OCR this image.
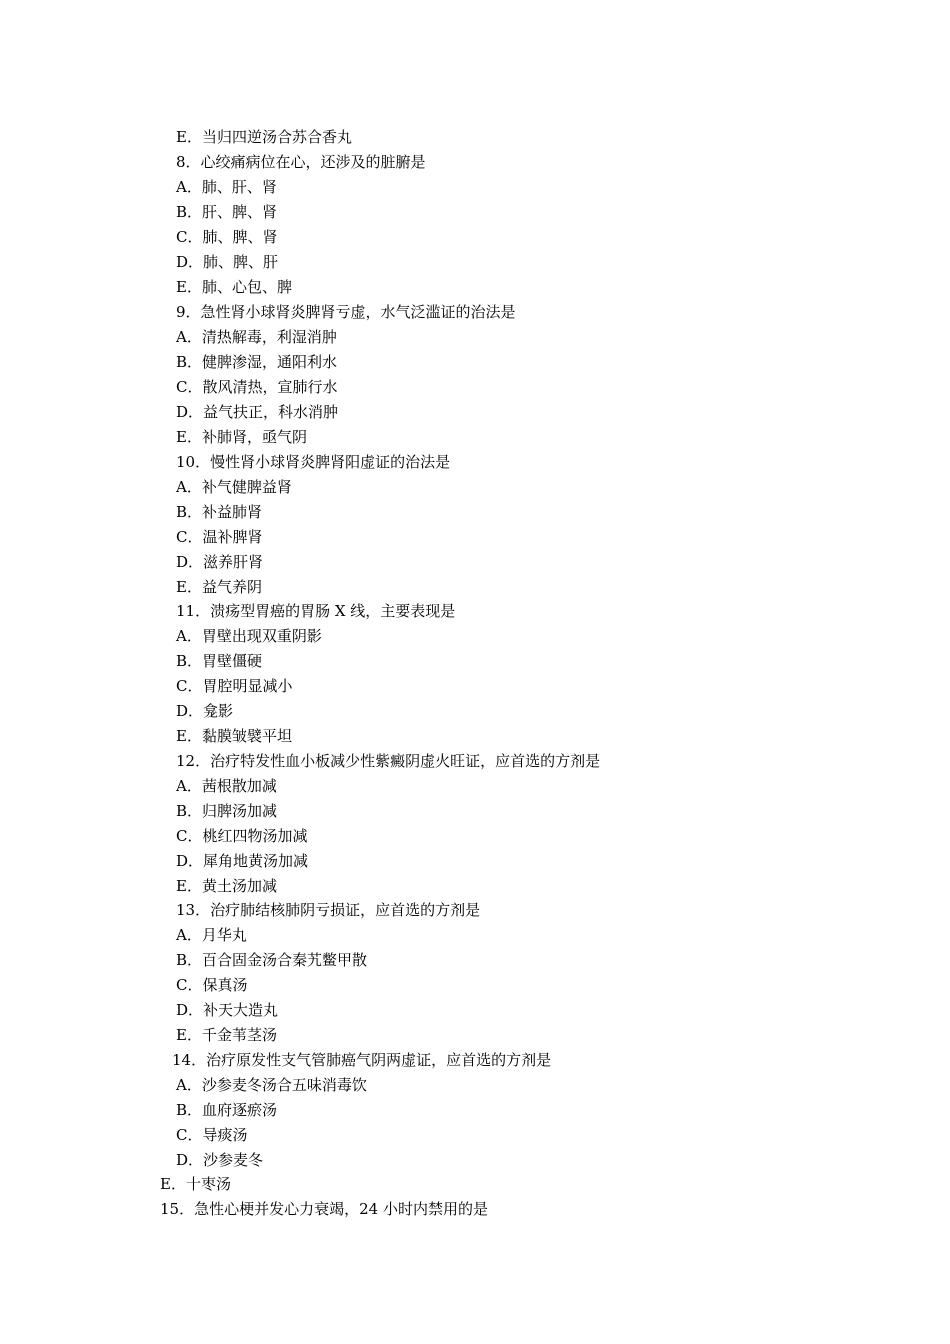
E．当归四逆汤合苏合香丸
8．心绞痛病位在心，还涉及的脏腑是
A．肺、肝、肾
B．肝、脾、肾
C．肺、脾、肾
D．肺、脾、肝
E．肺、心包、脾
9．急性肾小球肾炎脾肾亏虚，水气泛滥证的治法是
A．清热解毒，利湿消肿
B．健脾渗湿，通阳利水
C．散风清热，宣肺行水
D．益气扶正，科水消肿
E．补肺肾，亟气阴
10．慢性肾小球肾炎脾肾阳虚证的治法是
A．补气健脾益肾
B．补益肺肾
C．温补脾肾
D．滋养肝肾
E．益气养阴
11．溃疡型胃癌的胃肠 X 线，主要表现是
A．胃壁出现双重阴影
B．胃壁僵硬
C．胃腔明显减小
D．龛影
E．黏膜皱襞平坦
12．治疗特发性血小板减少性紫癜阴虚火旺证，应首选的方剂是
A．茜根散加减
B．归脾汤加减
C．桃红四物汤加减
D．犀角地黄汤加减
E．黄土汤加减
13．治疗肺结核肺阴亏损证，应首选的方剂是
A．月华丸
B．百合固金汤合秦艽鳖甲散
C．保真汤
D．补天大造丸
E．千金苇茎汤
14．治疗原发性支气管肺癌气阴两虚证，应首选的方剂是
A．沙参麦冬汤合五味消毒饮
B．血府逐瘀汤
C．导痰汤
D．沙参麦冬
E．十枣汤
15．急性心梗并发心力衰竭，24 小时内禁用的是
